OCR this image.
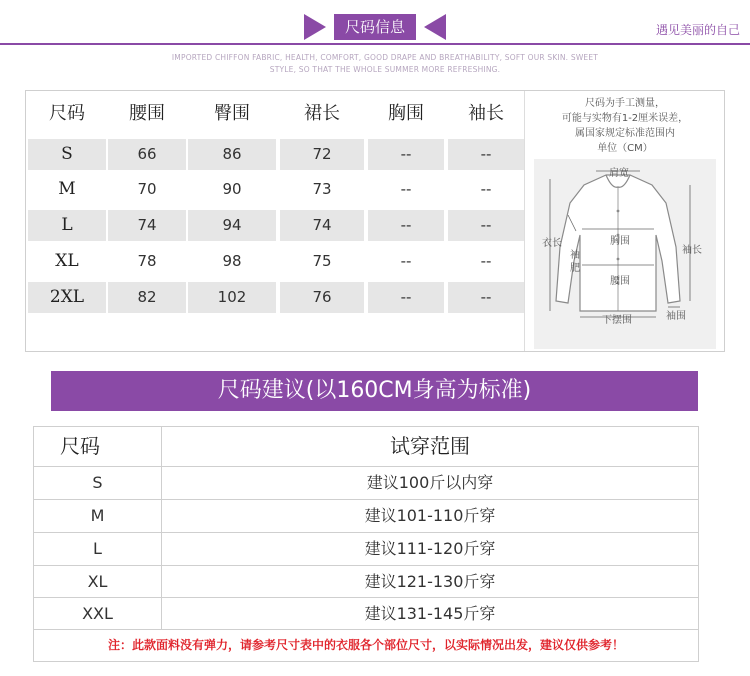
尺码信息	遇见美丽的自己
IMPORTED CHIFFON FABRIC, HEALTH, COMFORT, GOOD DRAPE AND BREATHABILITY, SOFT OUR SKIN. SWEET
STYLE, SO THAT THE WHOLE SUMMER MORE REFRESHING.
尺码	腰围	臀围	裙长	胸围	袖长
S	66	86	72	--	--
M	70	90	73	--	--
L	74	94	74	--	--
XL	78	98	75	--	--
2XL	82	102	76	--	--
尺码为手工测量，
可能与实物有1-2厘米误差，
属国家规定标准范围内
单位（CM）
肩宽
衣长	胸围
袖长
袖
肥
腰围
下摆围	袖围
尺码建议(以160CM身高为标准)
尺码	试穿范围
S	建议100斤以内穿
M	建议101-110斤穿
L	建议111-120斤穿
XL	建议121-130斤穿
XXL	建议131-145斤穿
注：此款面料没有弹力，请参考尺寸表中的衣服各个部位尺寸，以实际情况出发，建议仅供参考！
